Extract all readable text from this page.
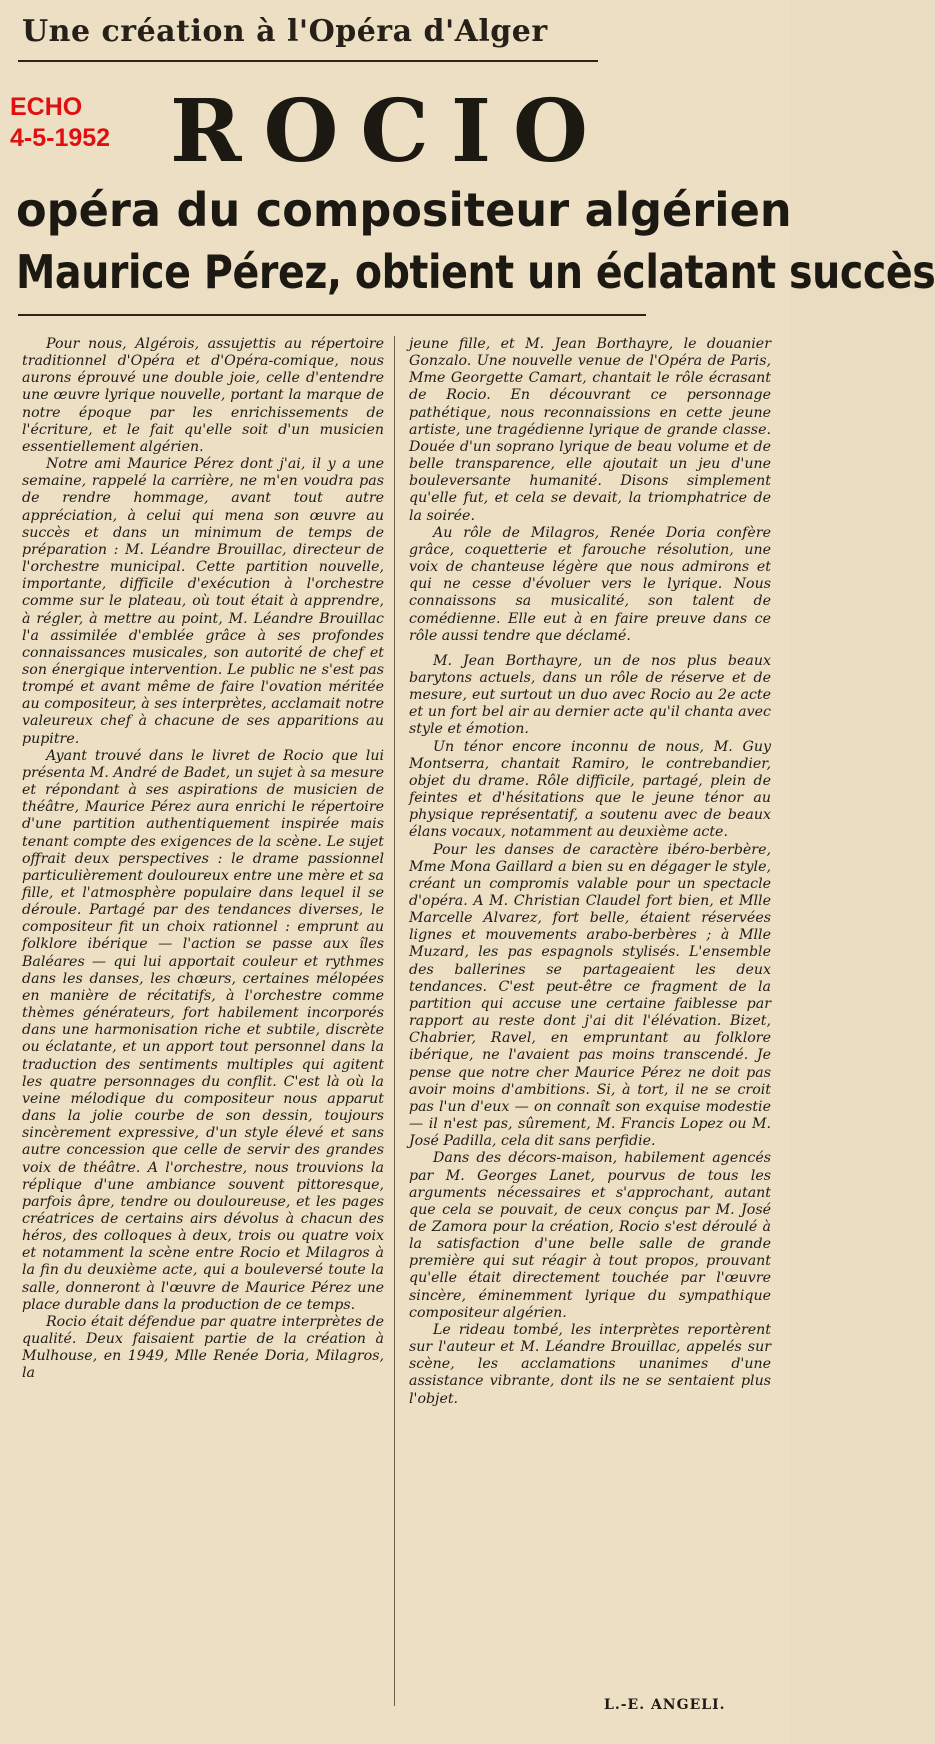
Une création à l'Opéra d'Alger
ECHO
4-5-1952 ROCIO
opéra du compositeur algérien
Maurice Pérez, obtient un éclatant succès

Pour nous, Algérois, assujettis au répertoire traditionnel d'Opéra et d'Opéra-comique, nous aurons éprouvé une double joie, celle d'entendre une œuvre lyrique nouvelle, portant la marque de notre époque par les enrichissements de l'écriture, et le fait qu'elle soit d'un musicien essentiellement algérien.

Notre ami Maurice Pérez dont j'ai, il y a une semaine, rappelé la carrière, ne m'en voudra pas de rendre hommage, avant tout autre appréciation, à celui qui mena son œuvre au succès et dans un minimum de temps de préparation : M. Léandre Brouillac, directeur de l'orchestre municipal. Cette partition nouvelle, importante, difficile d'exécution à l'orchestre comme sur le plateau, où tout était à apprendre, à régler, à mettre au point, M. Léandre Brouillac l'a assimilée d'emblée grâce à ses profondes connaissances musicales, son autorité de chef et son énergique intervention. Le public ne s'est pas trompé et avant même de faire l'ovation méritée au compositeur, à ses interprètes, acclamait notre valeureux chef à chacune de ses apparitions au pupitre.

Ayant trouvé dans le livret de Rocio que lui présenta M. André de Badet, un sujet à sa mesure et répondant à ses aspirations de musicien de théâtre, Maurice Pérez aura enrichi le répertoire d'une partition authentiquement inspirée mais tenant compte des exigences de la scène. Le sujet offrait deux perspectives : le drame passionnel particulièrement douloureux entre une mère et sa fille, et l'atmosphère populaire dans lequel il se déroule. Partagé par des tendances diverses, le compositeur fit un choix rationnel : emprunt au folklore ibérique — l'action se passe aux îles Baléares — qui lui apportait couleur et rythmes dans les danses, les chœurs, certaines mélopées en manière de récitatifs, à l'orchestre comme thèmes générateurs, fort habilement incorporés dans une harmonisation riche et subtile, discrète ou éclatante, et un apport tout personnel dans la traduction des sentiments multiples qui agitent les quatre personnages du conflit. C'est là où la veine mélodique du compositeur nous apparut dans la jolie courbe de son dessin, toujours sincèrement expressive, d'un style élevé et sans autre concession que celle de servir des grandes voix de théâtre. A l'orchestre, nous trouvions la réplique d'une ambiance souvent pittoresque, parfois âpre, tendre ou douloureuse, et les pages créatrices de certains airs dévolus à chacun des héros, des colloques à deux, trois ou quatre voix et notamment la scène entre Rocio et Milagros à la fin du deuxième acte, qui a bouleversé toute la salle, donneront à l'œuvre de Maurice Pérez une place durable dans la production de ce temps.

Rocio était défendue par quatre interprètes de qualité. Deux faisaient partie de la création à Mulhouse, en 1949, Mlle Renée Doria, Milagros, la

jeune fille, et M. Jean Borthayre, le douanier Gonzalo. Une nouvelle venue de l'Opéra de Paris, Mme Georgette Camart, chantait le rôle écrasant de Rocio. En découvrant ce personnage pathétique, nous reconnaissions en cette jeune artiste, une tragédienne lyrique de grande classe. Douée d'un soprano lyrique de beau volume et de belle transparence, elle ajoutait un jeu d'une bouleversante humanité. Disons simplement qu'elle fut, et cela se devait, la triomphatrice de la soirée.

Au rôle de Milagros, Renée Doria confère grâce, coquetterie et farouche résolution, une voix de chanteuse légère que nous admirons et qui ne cesse d'évoluer vers le lyrique. Nous connaissons sa musicalité, son talent de comédienne. Elle eut à en faire preuve dans ce rôle aussi tendre que déclamé.

M. Jean Borthayre, un de nos plus beaux barytons actuels, dans un rôle de réserve et de mesure, eut surtout un duo avec Rocio au 2e acte et un fort bel air au dernier acte qu'il chanta avec style et émotion.

Un ténor encore inconnu de nous, M. Guy Montserra, chantait Ramiro, le contrebandier, objet du drame. Rôle difficile, partagé, plein de feintes et d'hésitations que le jeune ténor au physique représentatif, a soutenu avec de beaux élans vocaux, notamment au deuxième acte.

Pour les danses de caractère ibéro-berbère, Mme Mona Gaillard a bien su en dégager le style, créant un compromis valable pour un spectacle d'opéra. A M. Christian Claudel fort bien, et Mlle Marcelle Alvarez, fort belle, étaient réservées lignes et mouvements arabo-berbères ; à Mlle Muzard, les pas espagnols stylisés. L'ensemble des ballerines se partageaient les deux tendances. C'est peut-être ce fragment de la partition qui accuse une certaine faiblesse par rapport au reste dont j'ai dit l'élévation. Bizet, Chabrier, Ravel, en empruntant au folklore ibérique, ne l'avaient pas moins transcendé. Je pense que notre cher Maurice Pérez ne doit pas avoir moins d'ambitions. Si, à tort, il ne se croit pas l'un d'eux — on connaît son exquise modestie — il n'est pas, sûrement, M. Francis Lopez ou M. José Padilla, cela dit sans perfidie.

Dans des décors-maison, habilement agencés par M. Georges Lanet, pourvus de tous les arguments nécessaires et s'approchant, autant que cela se pouvait, de ceux conçus par M. José de Zamora pour la création, Rocio s'est déroulé à la satisfaction d'une belle salle de grande première qui sut réagir à tout propos, prouvant qu'elle était directement touchée par l'œuvre sincère, éminemment lyrique du sympathique compositeur algérien.

Le rideau tombé, les interprètes reportèrent sur l'auteur et M. Léandre Brouillac, appelés sur scène, les acclamations unanimes d'une assistance vibrante, dont ils ne se sentaient plus l'objet.

L.-E. ANGELI.
